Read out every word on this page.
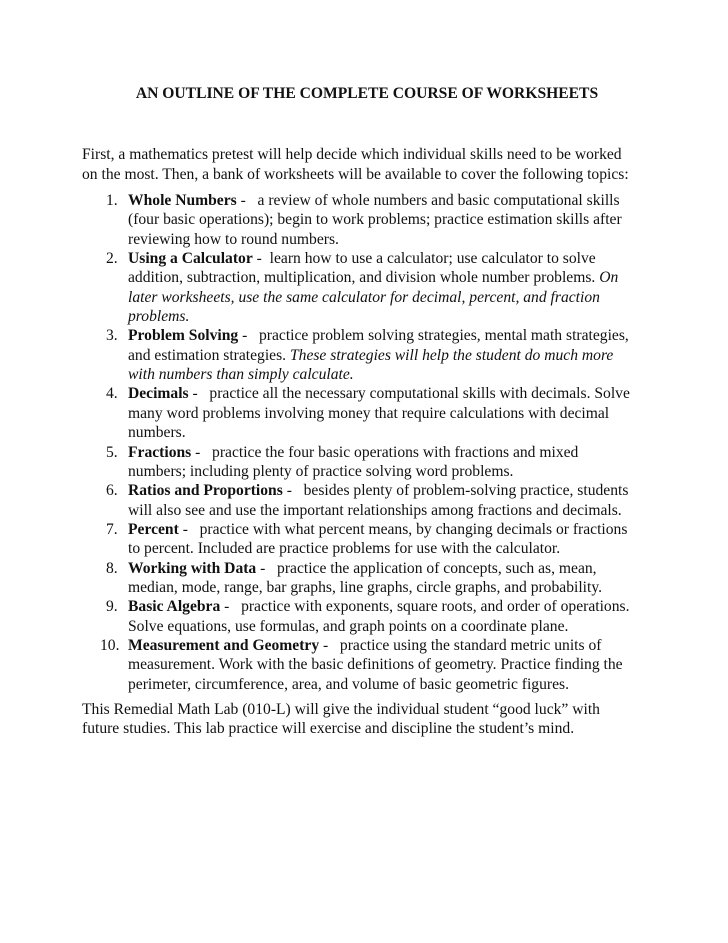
AN OUTLINE OF THE COMPLETE COURSE OF WORKSHEETS

First, a mathematics pretest will help decide which individual skills need to be worked on the most. Then, a bank of worksheets will be available to cover the following topics:

1. Whole Numbers -   a review of whole numbers and basic computational skills (four basic operations); begin to work problems; practice estimation skills after reviewing how to round numbers.
2. Using a Calculator -  learn how to use a calculator; use calculator to solve addition, subtraction, multiplication, and division whole number problems. On later worksheets, use the same calculator for decimal, percent, and fraction problems.
3. Problem Solving -   practice problem solving strategies, mental math strategies, and estimation strategies. These strategies will help the student do much more with numbers than simply calculate.
4. Decimals -   practice all the necessary computational skills with decimals. Solve many word problems involving money that require calculations with decimal numbers.
5. Fractions -   practice the four basic operations with fractions and mixed numbers; including plenty of practice solving word problems.
6. Ratios and Proportions -   besides plenty of problem-solving practice, students will also see and use the important relationships among fractions and decimals.
7. Percent -   practice with what percent means, by changing decimals or fractions to percent. Included are practice problems for use with the calculator.
8. Working with Data -   practice the application of concepts, such as, mean, median, mode, range, bar graphs, line graphs, circle graphs, and probability.
9. Basic Algebra -   practice with exponents, square roots, and order of operations. Solve equations, use formulas, and graph points on a coordinate plane.
10. Measurement and Geometry -   practice using the standard metric units of measurement. Work with the basic definitions of geometry. Practice finding the perimeter, circumference, area, and volume of basic geometric figures.

This Remedial Math Lab (010-L) will give the individual student “good luck” with future studies. This lab practice will exercise and discipline the student’s mind.
